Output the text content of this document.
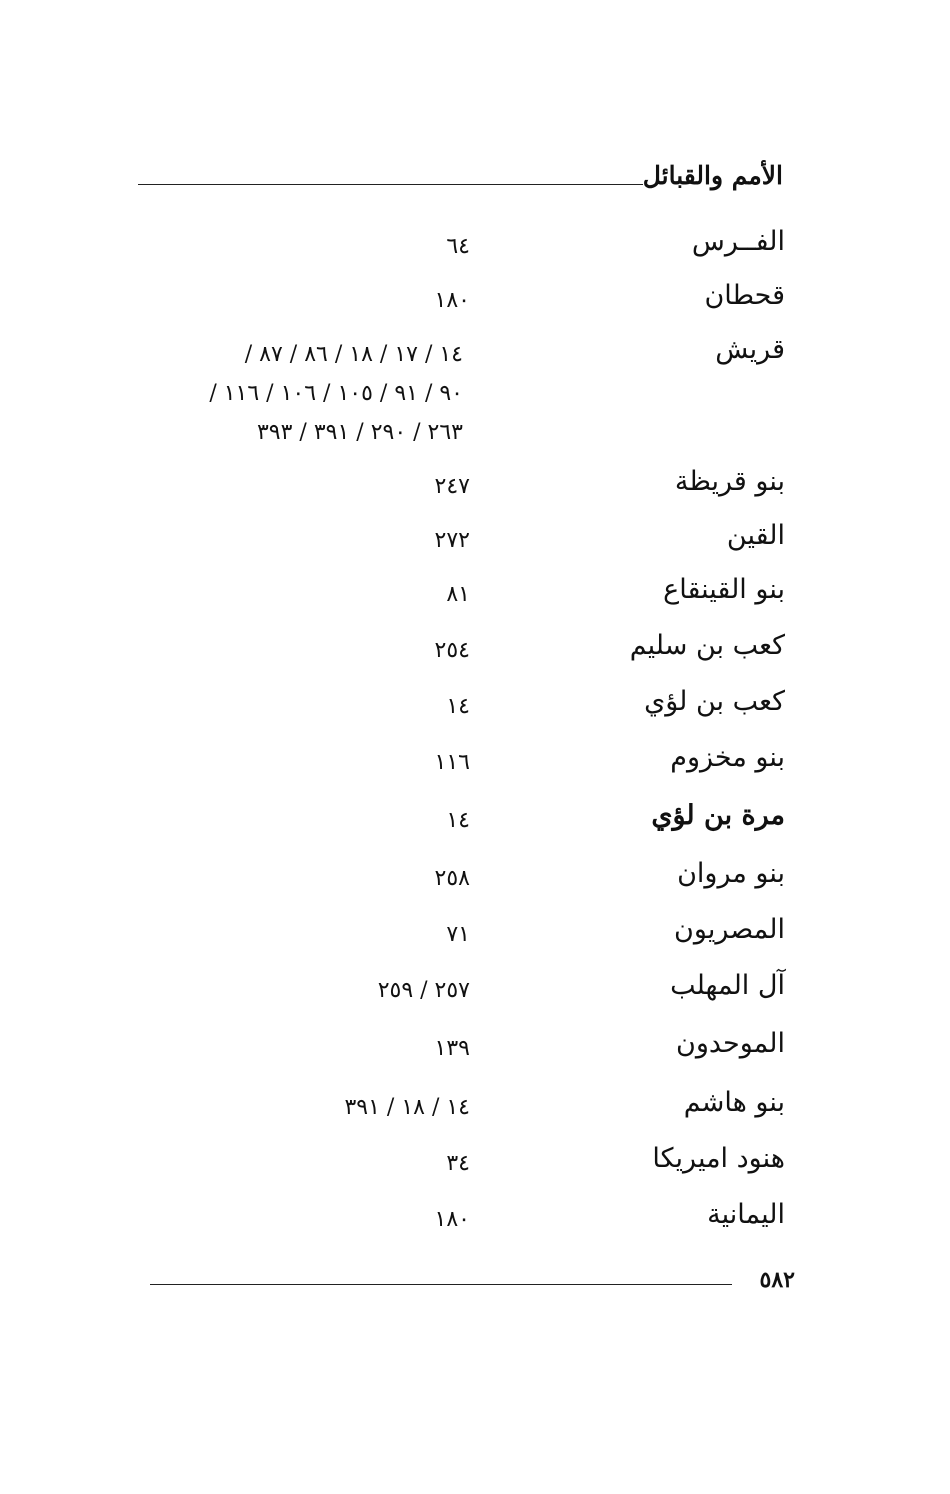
الأمم والقبائل
الفــرس
٦٤
قحطان
١٨٠
قريش
١٤ / ١٧ / ١٨ / ٨٦ / ٨٧ /
٩٠ / ٩١ / ١٠٥ / ١٠٦ / ١١٦ /
٢٦٣ / ٢٩٠ / ٣٩١ / ٣٩٣
بنو قريظة
٢٤٧
القين
٢٧٢
بنو القينقاع
٨١
كعب بن سليم
٢٥٤
كعب بن لؤي
١٤
بنو مخزوم
١١٦
مرة بن لؤي
١٤
بنو مروان
٢٥٨
المصريون
٧١
آل المهلب
٢٥٧ / ٢٥٩
الموحدون
١٣٩
بنو هاشم
١٤ / ١٨ / ٣٩١
هنود اميريكا
٣٤
اليمانية
١٨٠
٥٨٢
